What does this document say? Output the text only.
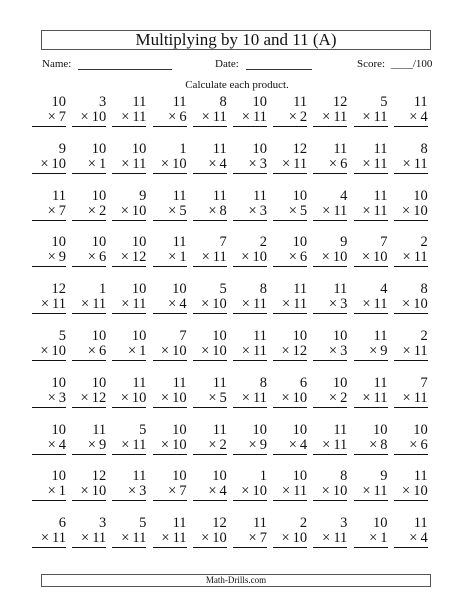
Multiplying by 10 and 11 (A)
Name:	Date:	Score: ____/100
Calculate each product.
10
× 7
3
× 10
11
× 11
11
× 6
8
× 11
10
× 11
11
× 2
12
× 11
5
× 11
11
× 4
9
× 10
10
× 1
10
× 11
1
× 10
11
× 4
10
× 3
12
× 11
11
× 6
11
× 11
8
× 11
11
× 7
10
× 2
9
× 10
11
× 5
11
× 8
11
× 3
10
× 5
4
× 11
11
× 11
10
× 10
10
× 9
10
× 6
10
× 12
11
× 1
7
× 11
2
× 10
10
× 6
9
× 10
7
× 10
2
× 11
12
× 11
1
× 11
10
× 11
10
× 4
5
× 10
8
× 11
11
× 11
11
× 3
4
× 11
8
× 10
5
× 10
10
× 6
10
× 1
7
× 10
10
× 10
11
× 11
10
× 12
10
× 3
11
× 9
2
× 11
10
× 3
10
× 12
11
× 10
11
× 10
11
× 5
8
× 11
6
× 10
10
× 2
11
× 11
7
× 11
10
× 4
11
× 9
5
× 11
10
× 10
11
× 2
10
× 9
10
× 4
11
× 11
10
× 8
10
× 6
10
× 1
12
× 10
11
× 3
10
× 7
10
× 4
1
× 10
10
× 11
8
× 10
9
× 11
11
× 10
6
× 11
3
× 11
5
× 11
11
× 11
12
× 10
11
× 7
2
× 10
3
× 11
10
× 1
11
× 4
Math-Drills.com
